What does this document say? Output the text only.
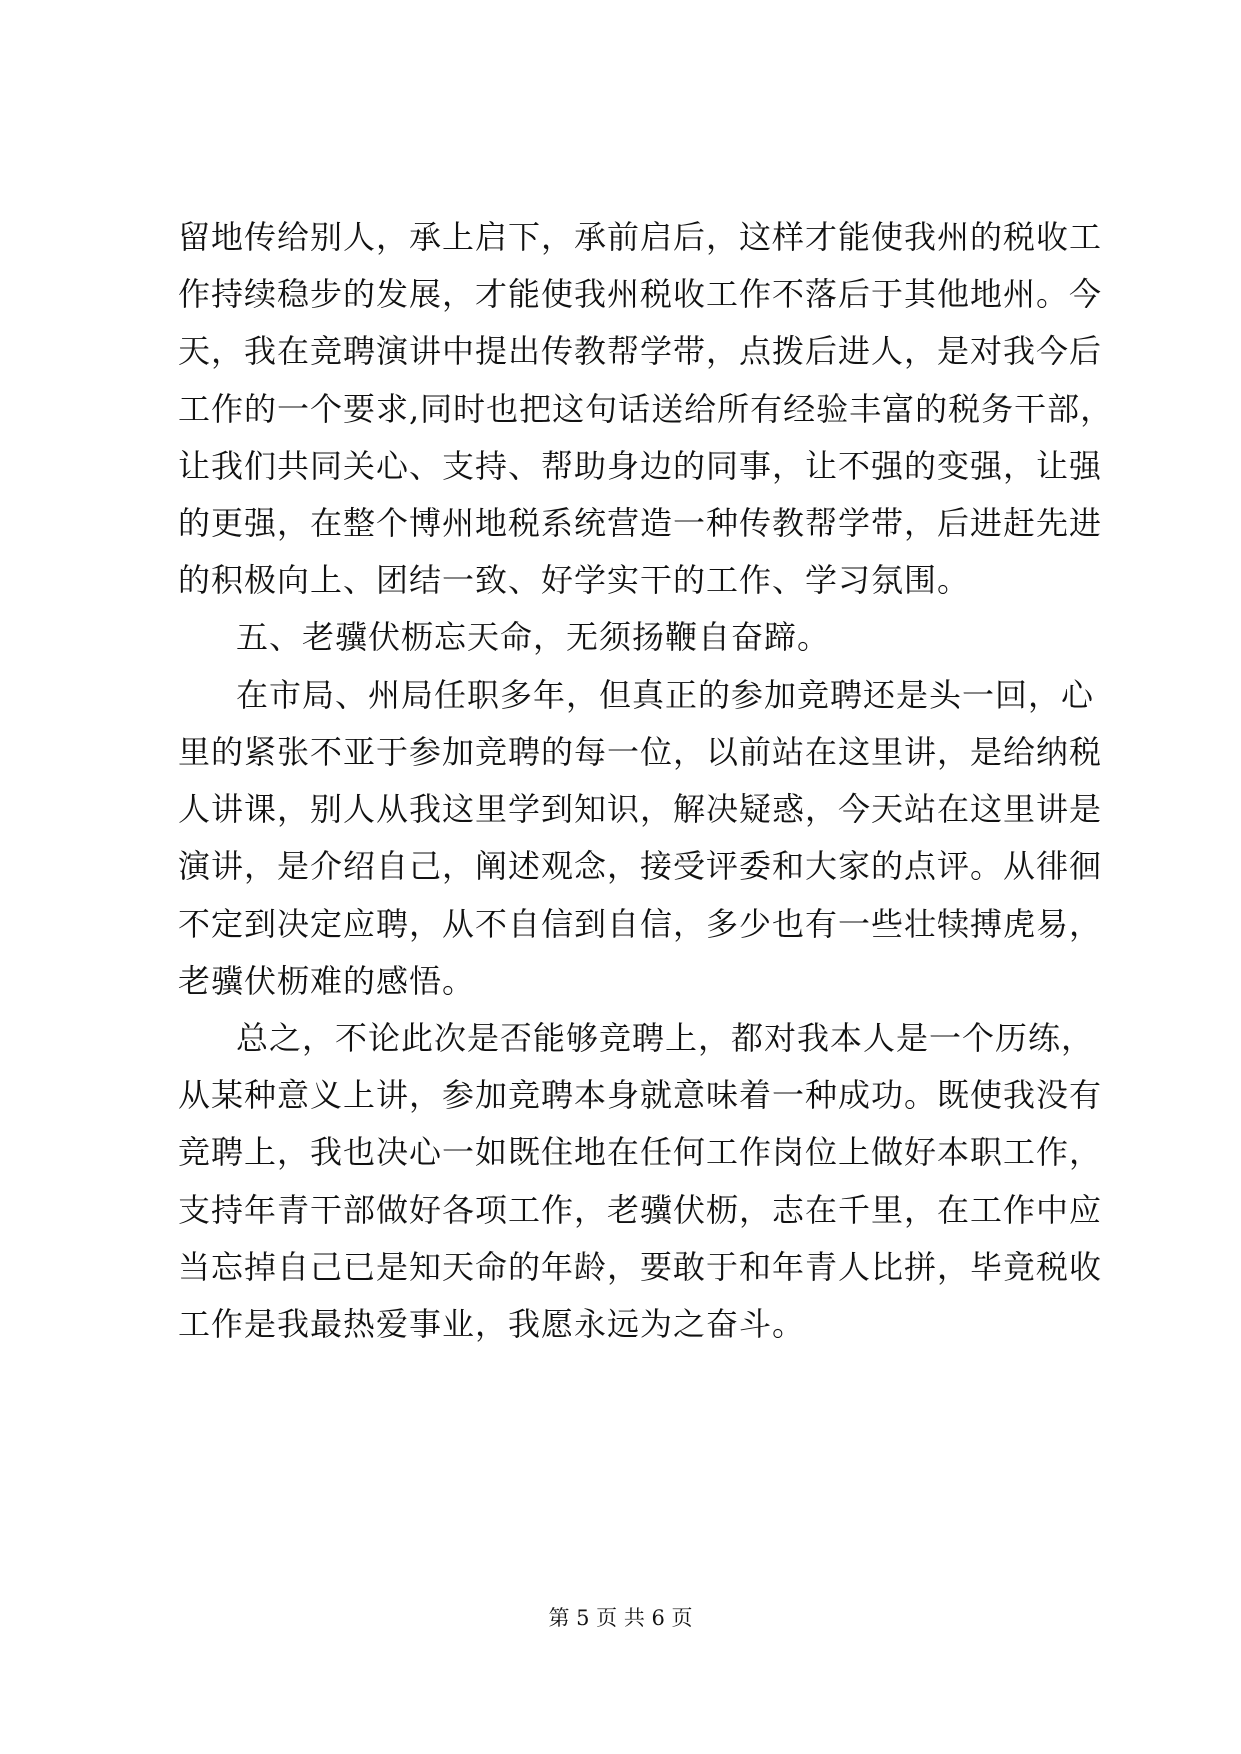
留地传给别人，承上启下，承前启后，这样才能使我州的税收工
作持续稳步的发展，才能使我州税收工作不落后于其他地州。今
天，我在竞聘演讲中提出传教帮学带，点拨后进人，是对我今后
工作的一个要求,同时也把这句话送给所有经验丰富的税务干部，
让我们共同关心、支持、帮助身边的同事，让不强的变强，让强
的更强，在整个博州地税系统营造一种传教帮学带，后进赶先进
的积极向上、团结一致、好学实干的工作、学习氛围。
五、老骥伏枥忘天命，无须扬鞭自奋蹄。
在市局、州局任职多年，但真正的参加竞聘还是头一回，心
里的紧张不亚于参加竞聘的每一位，以前站在这里讲，是给纳税
人讲课，别人从我这里学到知识，解决疑惑，今天站在这里讲是
演讲，是介绍自己，阐述观念，接受评委和大家的点评。从徘徊
不定到决定应聘，从不自信到自信，多少也有一些壮犊搏虎易，
老骥伏枥难的感悟。
总之，不论此次是否能够竞聘上，都对我本人是一个历练，
从某种意义上讲，参加竞聘本身就意味着一种成功。既使我没有
竞聘上，我也决心一如既住地在任何工作岗位上做好本职工作，
支持年青干部做好各项工作，老骥伏枥，志在千里，在工作中应
当忘掉自己已是知天命的年龄，要敢于和年青人比拼，毕竟税收
工作是我最热爱事业，我愿永远为之奋斗。
第 5 页 共 6 页
